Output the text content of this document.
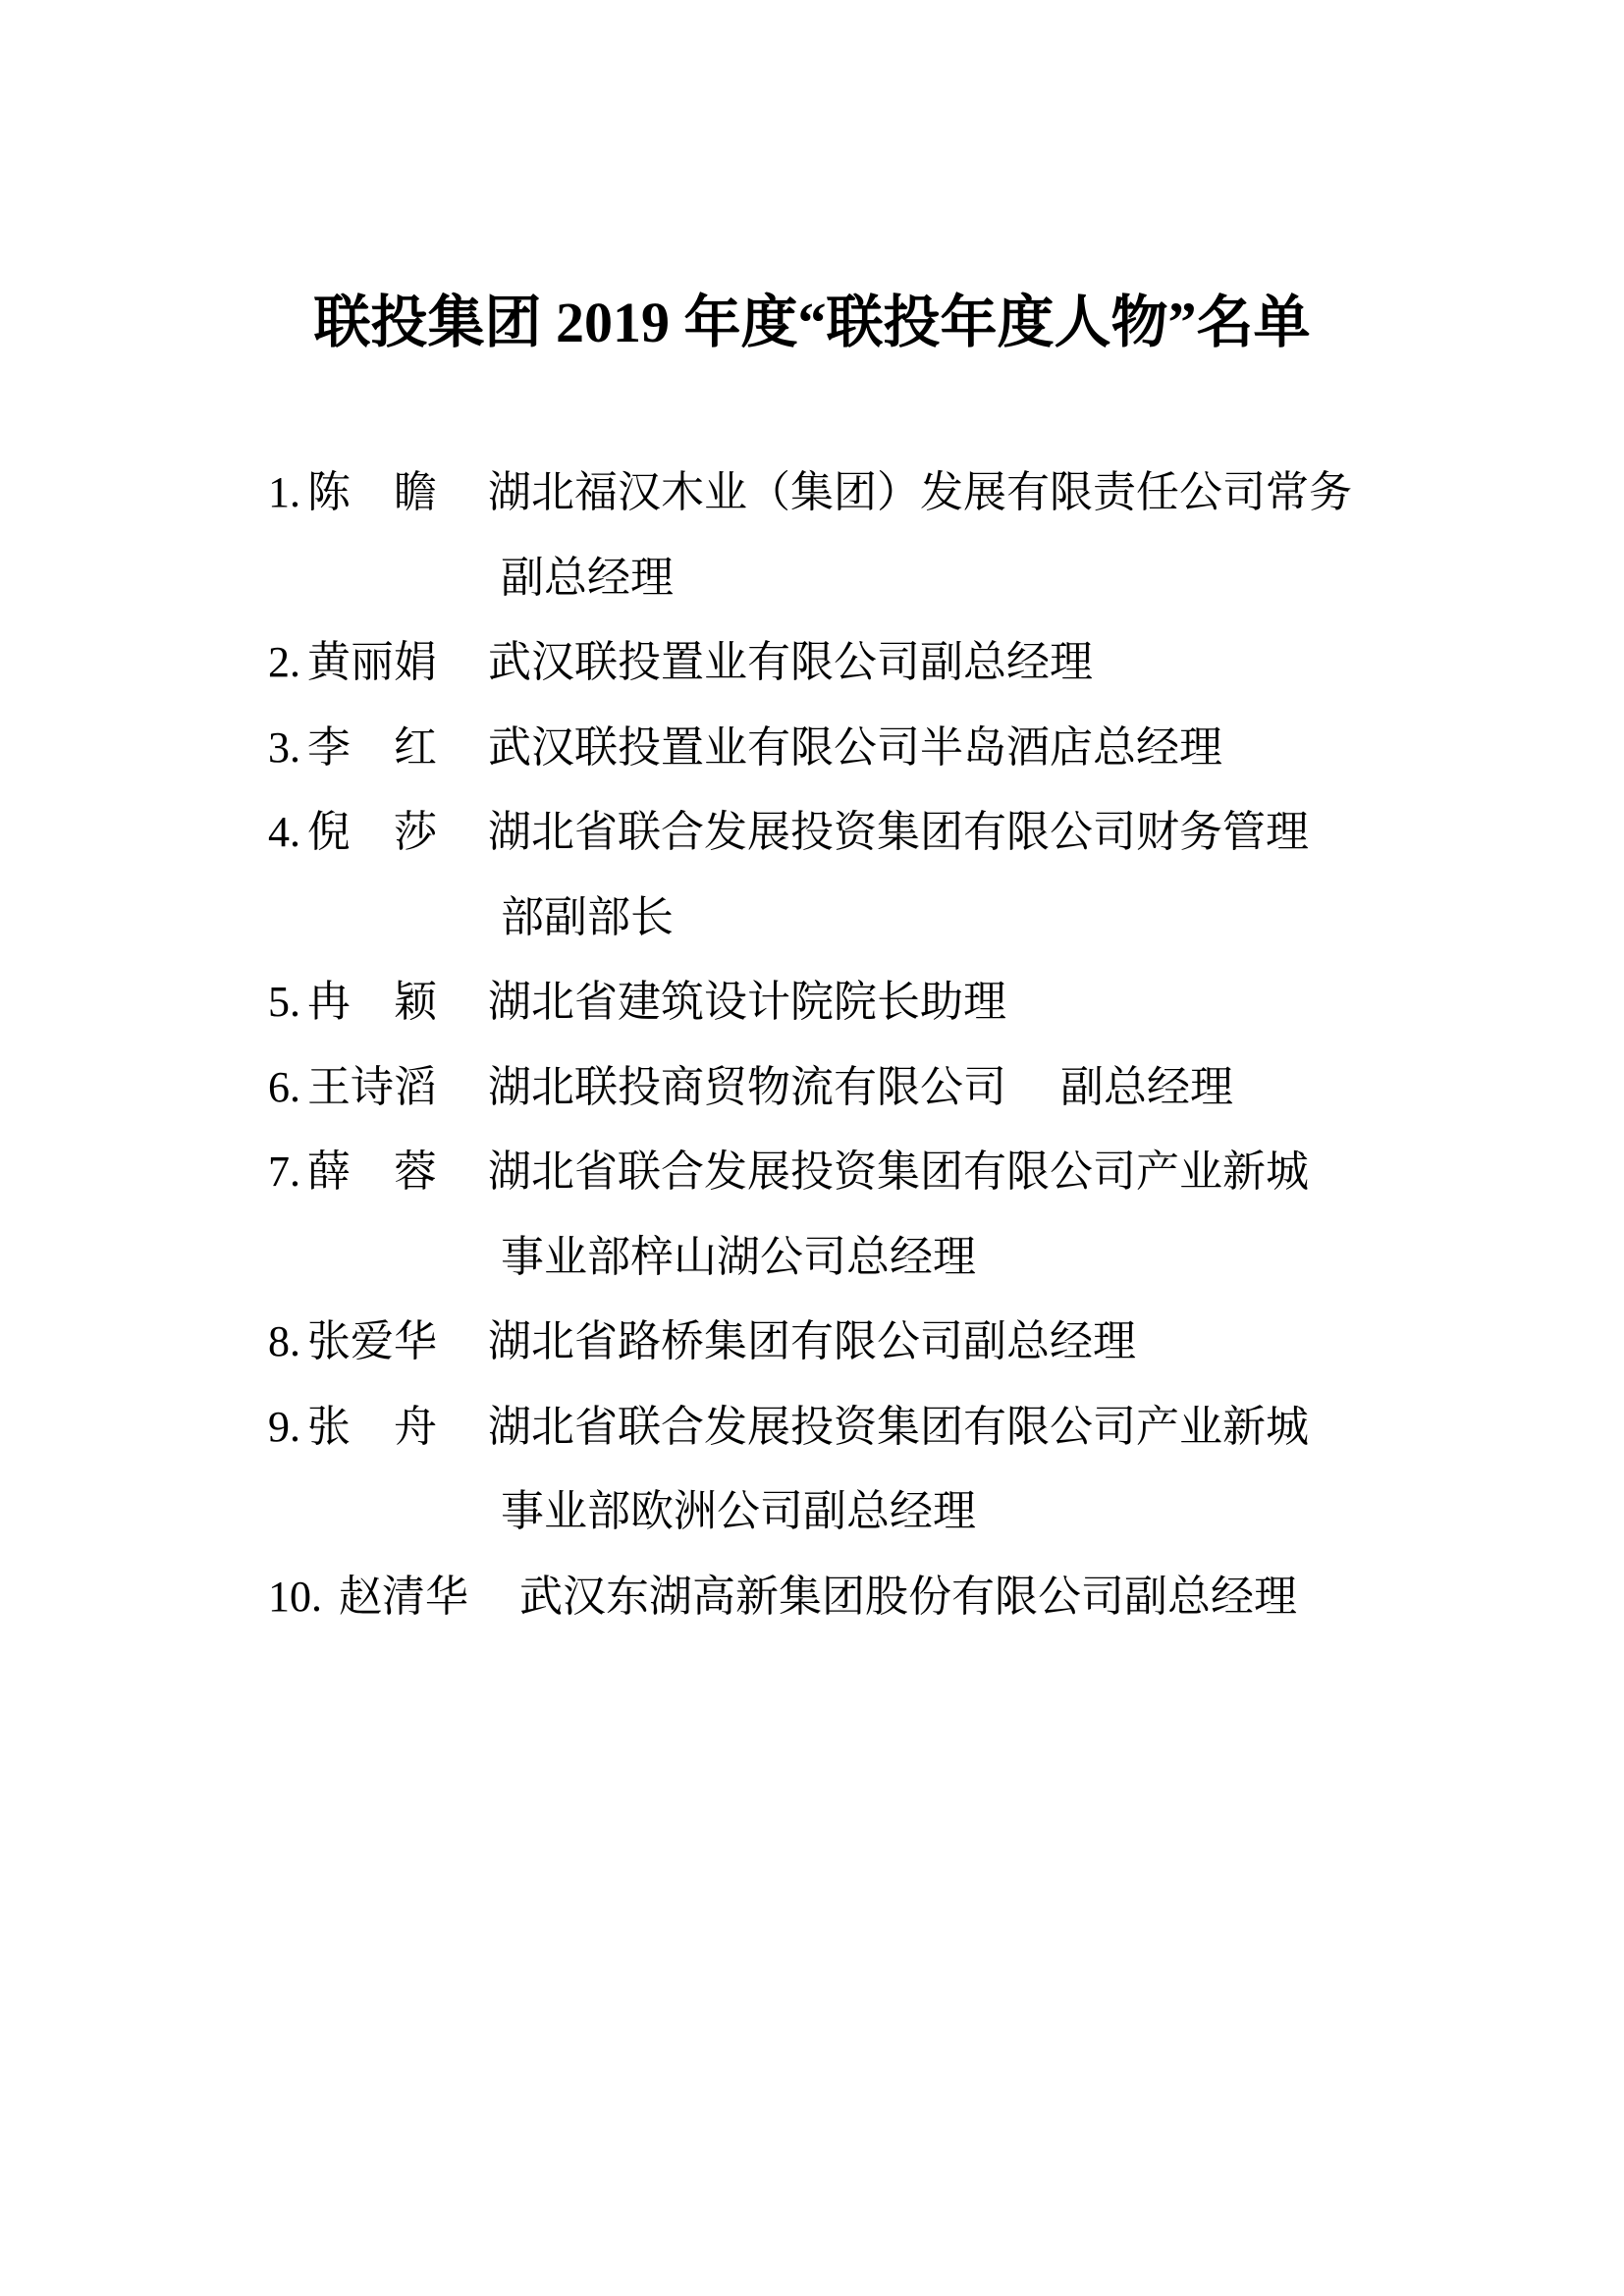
联投集团 2019 年度“联投年度人物”名单
1. 陈　瞻	湖北福汉木业（集团）发展有限责任公司常务
副总经理
2. 黄丽娟	武汉联投置业有限公司副总经理
3. 李　红	武汉联投置业有限公司半岛酒店总经理
4. 倪　莎	湖北省联合发展投资集团有限公司财务管理
部副部长
5. 冉　颖	湖北省建筑设计院院长助理
6. 王诗滔	湖北联投商贸物流有限公司　 副总经理
7. 薛　蓉	湖北省联合发展投资集团有限公司产业新城
事业部梓山湖公司总经理
8. 张爱华	湖北省路桥集团有限公司副总经理
9. 张　舟	湖北省联合发展投资集团有限公司产业新城
事业部欧洲公司副总经理
10. 赵清华	武汉东湖高新集团股份有限公司副总经理
